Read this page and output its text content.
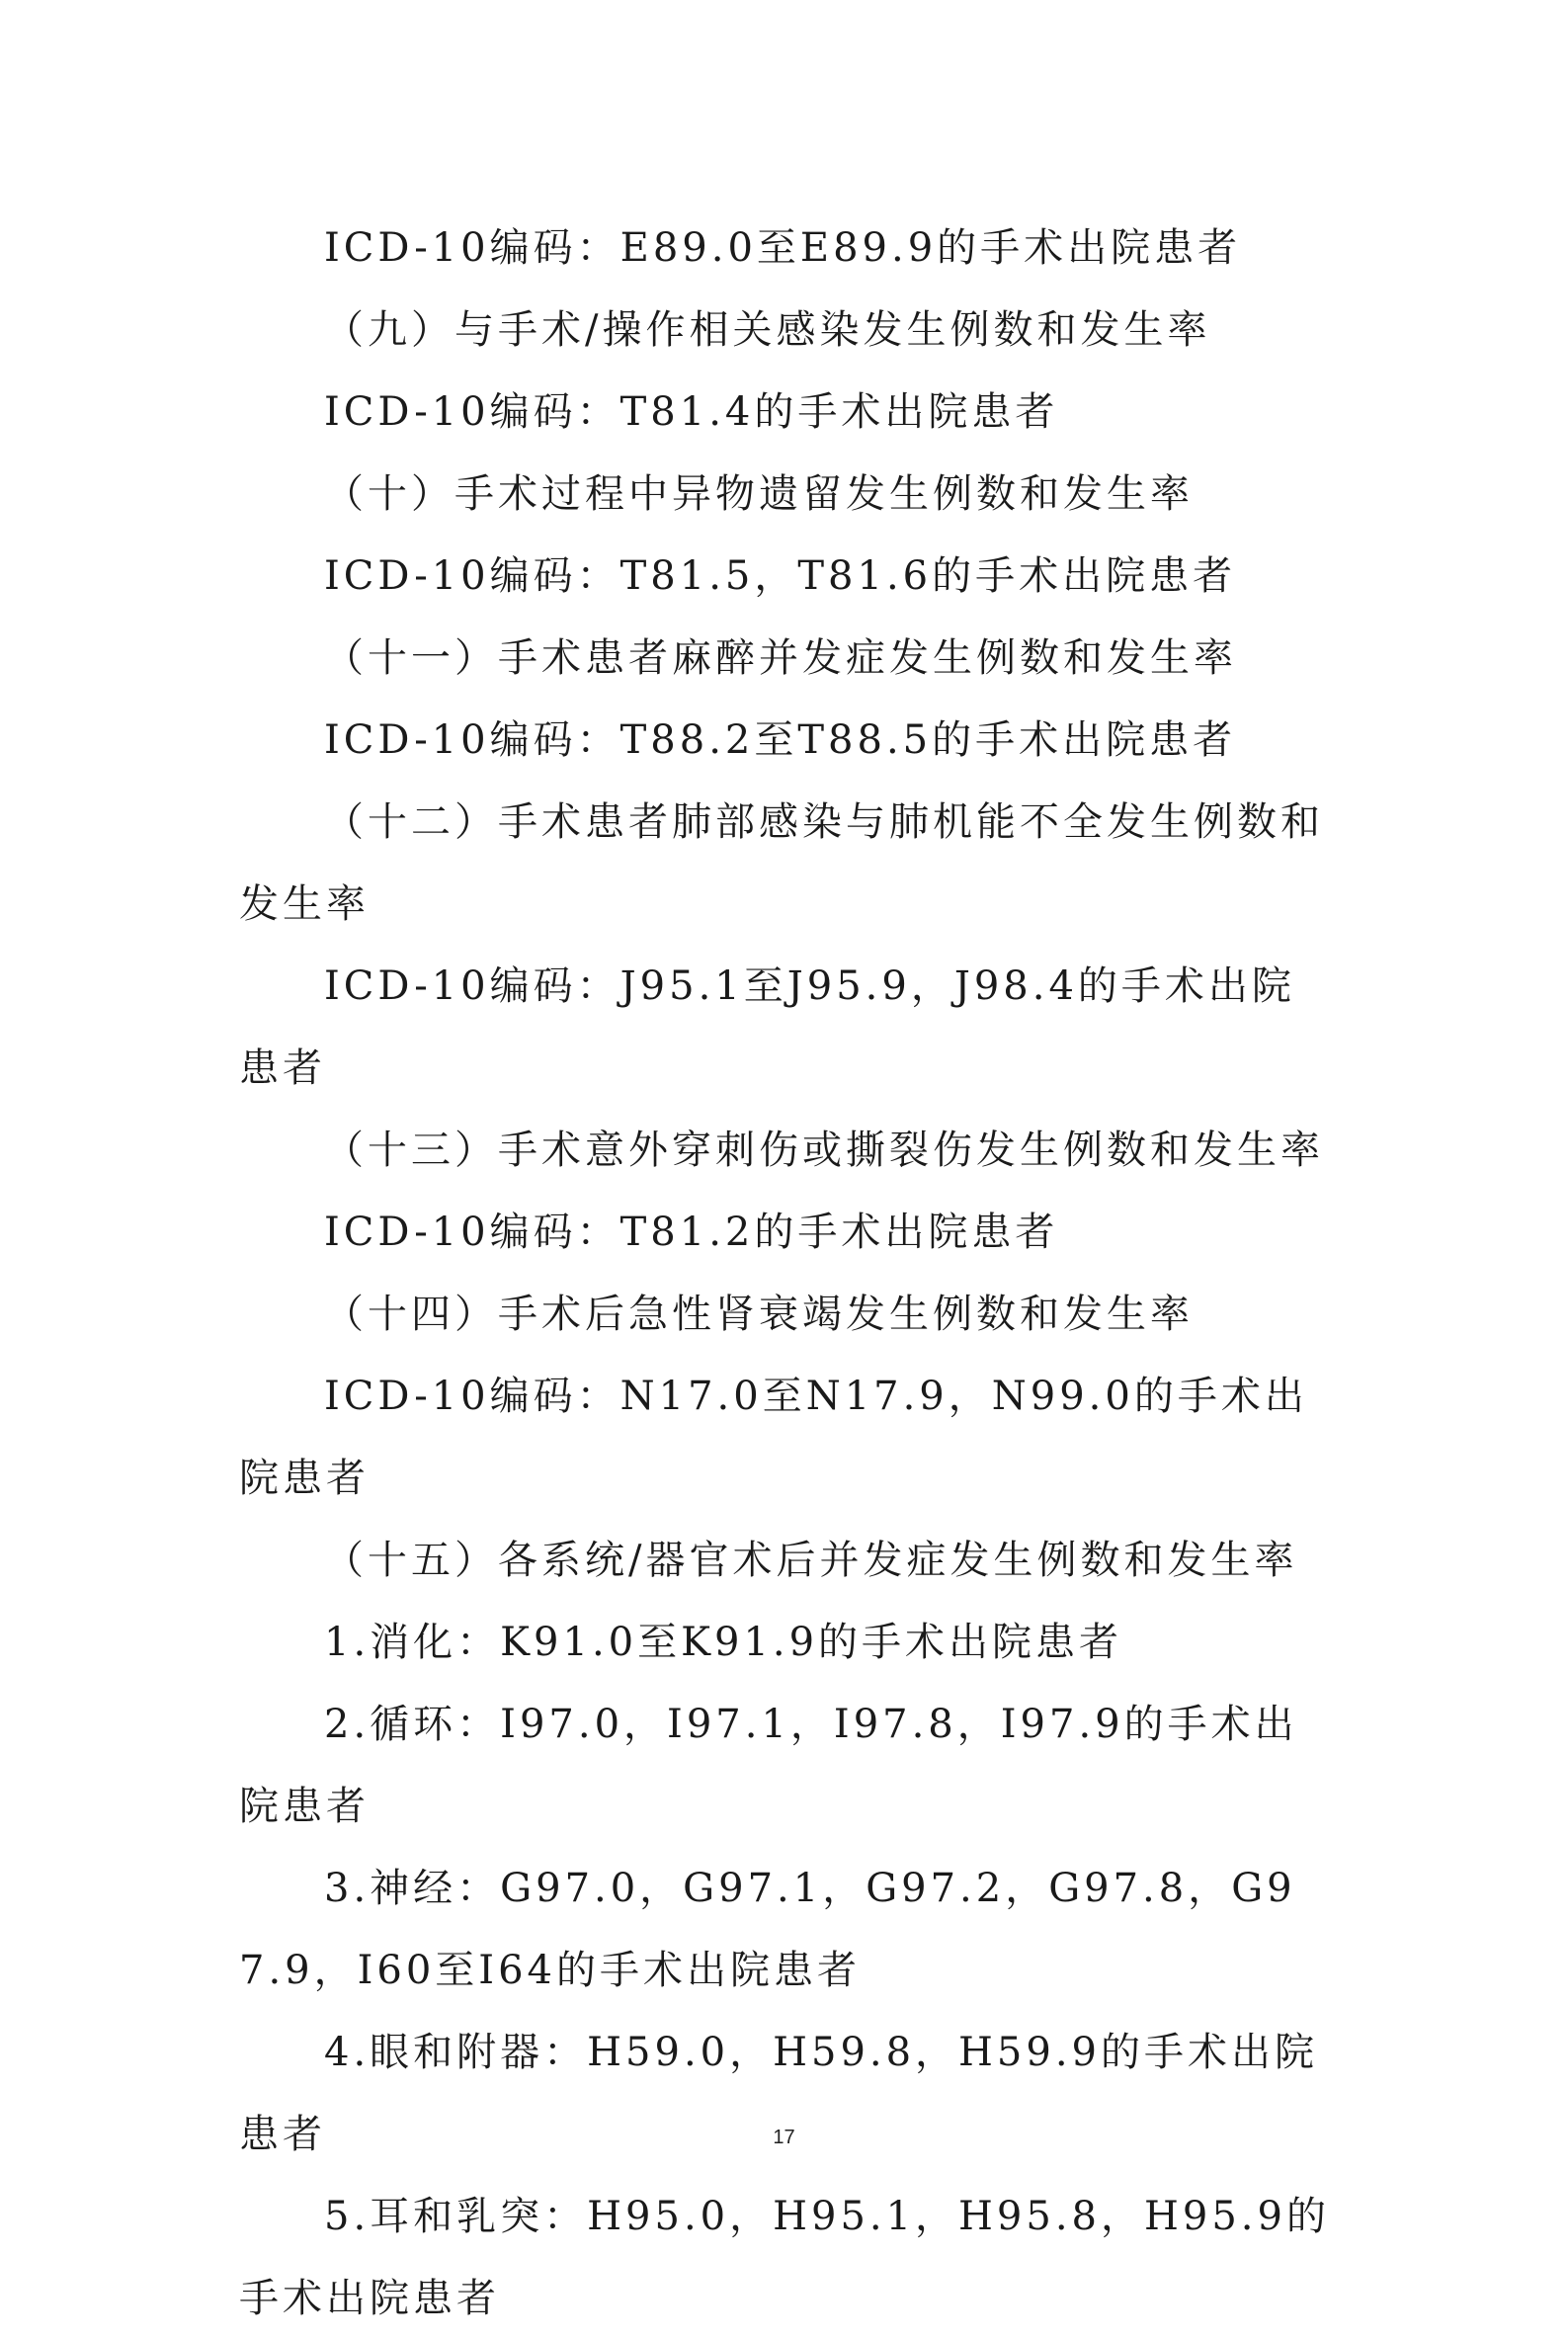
ICD-10编码：E89.0至E89.9的手术出院患者

（九）与手术/操作相关感染发生例数和发生率

ICD-10编码：T81.4的手术出院患者

（十）手术过程中异物遗留发生例数和发生率

ICD-10编码：T81.5，T81.6的手术出院患者

（十一）手术患者麻醉并发症发生例数和发生率

ICD-10编码：T88.2至T88.5的手术出院患者

（十二）手术患者肺部感染与肺机能不全发生例数和发生率

ICD-10编码：J95.1至J95.9，J98.4的手术出院患者

（十三）手术意外穿刺伤或撕裂伤发生例数和发生率

ICD-10编码：T81.2的手术出院患者

（十四）手术后急性肾衰竭发生例数和发生率

ICD-10编码：N17.0至N17.9，N99.0的手术出院患者

（十五）各系统/器官术后并发症发生例数和发生率

1.消化：K91.0至K91.9的手术出院患者

2.循环：I97.0，I97.1，I97.8，I97.9的手术出院患者

3.神经：G97.0，G97.1，G97.2，G97.8，G97.9，I60至I64的手术出院患者

4.眼和附器：H59.0，H59.8，H59.9的手术出院患者

5.耳和乳突：H95.0，H95.1，H95.8，H95.9的手术出院患者

17
